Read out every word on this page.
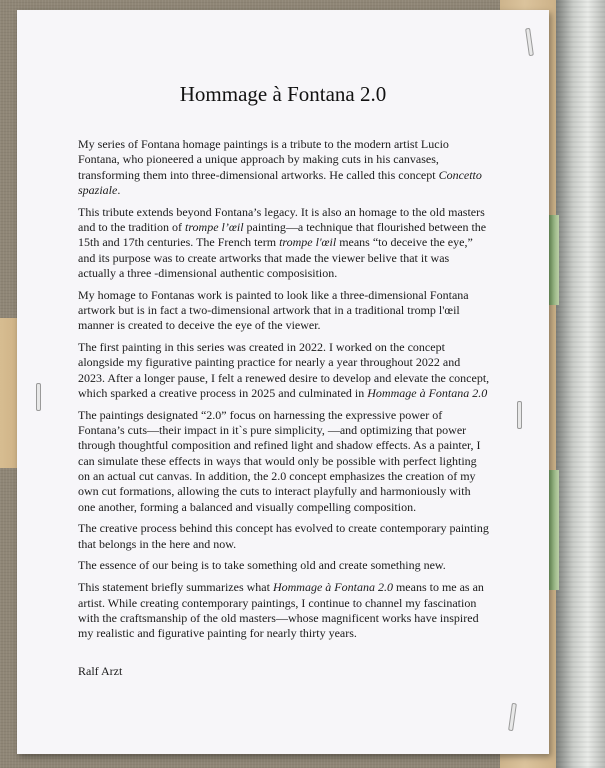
Hommage à Fontana 2.0

My series of Fontana homage paintings is a tribute to the modern artist Lucio Fontana, who pioneered a unique approach by making cuts in his canvases, transforming them into three-dimensional artworks. He called this concept Concetto spaziale.

This tribute extends beyond Fontana’s legacy. It is also an homage to the old masters and to the tradition of trompe l’œil painting—a technique that flourished between the 15th and 17th centuries. The French term trompe l'œil means “to deceive the eye,” and its purpose was to create artworks that made the viewer belive that it was actually a three -dimensional authentic composisition.

My homage to Fontanas work is painted to look like a three-dimensional Fontana artwork but is in fact a two-dimensional artwork that in a traditional tromp l'œil manner is created to deceive the eye of the viewer.

The first painting in this series was created in 2022. I worked on the concept alongside my figurative painting practice for nearly a year throughout 2022 and 2023. After a longer pause, I felt a renewed desire to develop and elevate the concept, which sparked a creative process in 2025 and culminated in Hommage à Fontana 2.0

The paintings designated “2.0” focus on harnessing the expressive power of Fontana’s cuts—their impact in it`s pure simplicity, —and optimizing that power through thoughtful composition and refined light and shadow effects. As a painter, I can simulate these effects in ways that would only be possible with perfect lighting on an actual cut canvas. In addition, the 2.0 concept emphasizes the creation of my own cut formations, allowing the cuts to interact playfully and harmoniously with one another, forming a balanced and visually compelling composition.

The creative process behind this concept has evolved to create contemporary painting that belongs in the here and now.

The essence of our being is to take something old and create something new.

This statement briefly summarizes what Hommage à Fontana 2.0 means to me as an artist. While creating contemporary paintings, I continue to channel my fascination with the craftsmanship of the old masters—whose magnificent works have inspired my realistic and figurative painting for nearly thirty years.

Ralf Arzt
